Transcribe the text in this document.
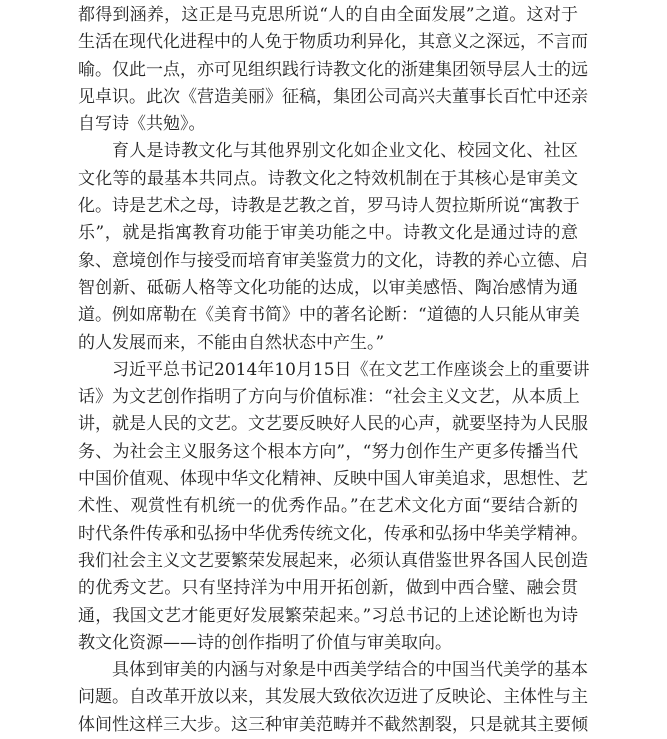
都得到涵养，这正是马克思所说“人的自由全面发展”之道。这对于
生活在现代化进程中的人免于物质功利异化，其意义之深远，不言而
喻。仅此一点，亦可见组织践行诗教文化的浙建集团领导层人士的远
见卓识。此次《营造美丽》征稿，集团公司高兴夫董事长百忙中还亲
自写诗《共勉》。
育人是诗教文化与其他界别文化如企业文化、校园文化、社区
文化等的最基本共同点。诗教文化之特效机制在于其核心是审美文
化。诗是艺术之母，诗教是艺教之首，罗马诗人贺拉斯所说“寓教于
乐”，就是指寓教育功能于审美功能之中。诗教文化是通过诗的意
象、意境创作与接受而培育审美鉴赏力的文化，诗教的养心立德、启
智创新、砥砺人格等文化功能的达成，以审美感悟、陶冶感情为通
道。例如席勒在《美育书简》中的著名论断：“道德的人只能从审美
的人发展而来，不能由自然状态中产生。”
习近平总书记2014年10月15日《在文艺工作座谈会上的重要讲
话》为文艺创作指明了方向与价值标准：“社会主义文艺，从本质上
讲，就是人民的文艺。文艺要反映好人民的心声，就要坚持为人民服
务、为社会主义服务这个根本方向”，“努力创作生产更多传播当代
中国价值观、体现中华文化精神、反映中国人审美追求，思想性、艺
术性、观赏性有机统一的优秀作品。”在艺术文化方面“要结合新的
时代条件传承和弘扬中华优秀传统文化，传承和弘扬中华美学精神。
我们社会主义文艺要繁荣发展起来，必须认真借鉴世界各国人民创造
的优秀文艺。只有坚持洋为中用开拓创新，做到中西合璧、融会贯
通，我国文艺才能更好发展繁荣起来。”习总书记的上述论断也为诗
教文化资源——诗的创作指明了价值与审美取向。
具体到审美的内涵与对象是中西美学结合的中国当代美学的基本
问题。自改革开放以来，其发展大致依次迈进了反映论、主体性与主
体间性这样三大步。这三种审美范畴并不截然割裂，只是就其主要倾
